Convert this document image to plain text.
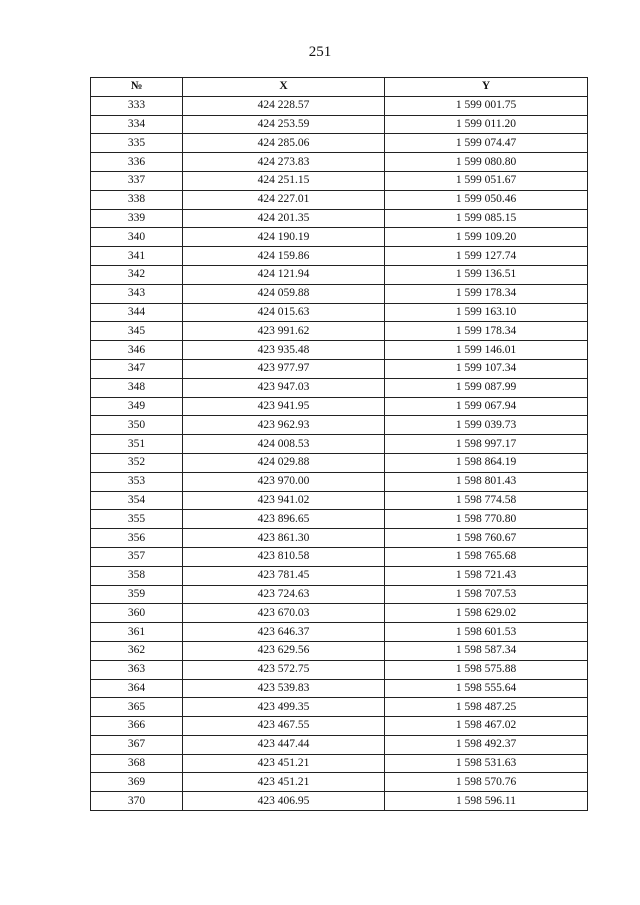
251
№	X	Y
333	424 228.57	1 599 001.75
334	424 253.59	1 599 011.20
335	424 285.06	1 599 074.47
336	424 273.83	1 599 080.80
337	424 251.15	1 599 051.67
338	424 227.01	1 599 050.46
339	424 201.35	1 599 085.15
340	424 190.19	1 599 109.20
341	424 159.86	1 599 127.74
342	424 121.94	1 599 136.51
343	424 059.88	1 599 178.34
344	424 015.63	1 599 163.10
345	423 991.62	1 599 178.34
346	423 935.48	1 599 146.01
347	423 977.97	1 599 107.34
348	423 947.03	1 599 087.99
349	423 941.95	1 599 067.94
350	423 962.93	1 599 039.73
351	424 008.53	1 598 997.17
352	424 029.88	1 598 864.19
353	423 970.00	1 598 801.43
354	423 941.02	1 598 774.58
355	423 896.65	1 598 770.80
356	423 861.30	1 598 760.67
357	423 810.58	1 598 765.68
358	423 781.45	1 598 721.43
359	423 724.63	1 598 707.53
360	423 670.03	1 598 629.02
361	423 646.37	1 598 601.53
362	423 629.56	1 598 587.34
363	423 572.75	1 598 575.88
364	423 539.83	1 598 555.64
365	423 499.35	1 598 487.25
366	423 467.55	1 598 467.02
367	423 447.44	1 598 492.37
368	423 451.21	1 598 531.63
369	423 451.21	1 598 570.76
370	423 406.95	1 598 596.11
